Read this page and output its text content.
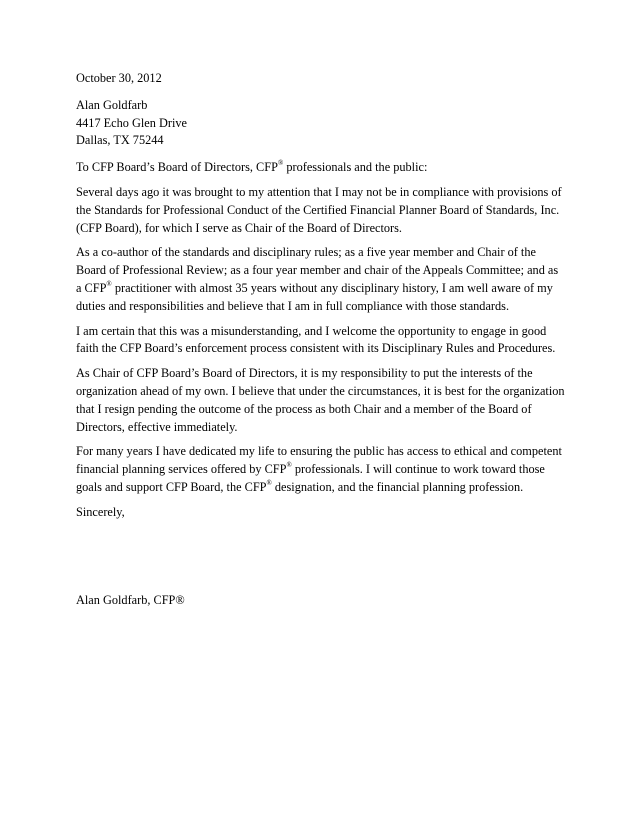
October 30, 2012

Alan Goldfarb
4417 Echo Glen Drive
Dallas, TX 75244

To CFP Board’s Board of Directors, CFP® professionals and the public:

Several days ago it was brought to my attention that I may not be in compliance with provisions of the Standards for Professional Conduct of the Certified Financial Planner Board of Standards, Inc. (CFP Board), for which I serve as Chair of the Board of Directors.

As a co-author of the standards and disciplinary rules; as a five year member and Chair of the Board of Professional Review; as a four year member and chair of the Appeals Committee; and as a CFP® practitioner with almost 35 years without any disciplinary history, I am well aware of my duties and responsibilities and believe that I am in full compliance with those standards.

I am certain that this was a misunderstanding, and I welcome the opportunity to engage in good faith the CFP Board’s enforcement process consistent with its Disciplinary Rules and Procedures.

As Chair of CFP Board’s Board of Directors, it is my responsibility to put the interests of the organization ahead of my own. I believe that under the circumstances, it is best for the organization that I resign pending the outcome of the process as both Chair and a member of the Board of Directors, effective immediately.

For many years I have dedicated my life to ensuring the public has access to ethical and competent financial planning services offered by CFP® professionals. I will continue to work toward those goals and support CFP Board, the CFP® designation, and the financial planning profession.

Sincerely,

Alan Goldfarb, CFP®
